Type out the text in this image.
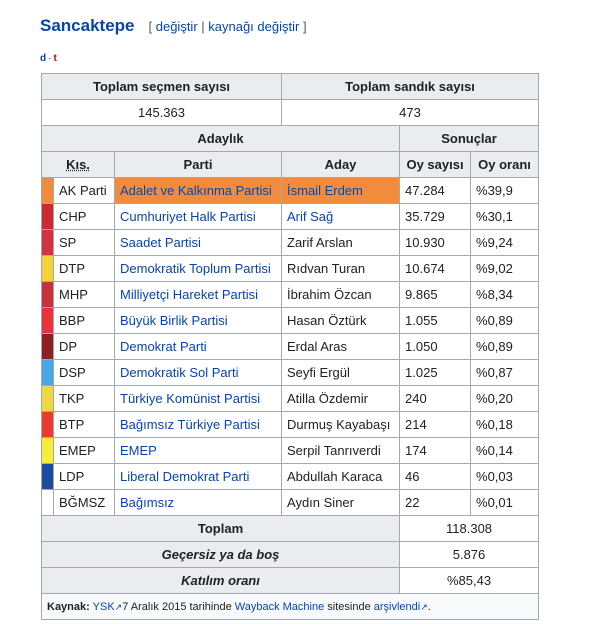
Sancaktepe [ değiştir | kaynağı değiştir ]
d · t
Toplam seçmen sayısı			Toplam sandık sayısı		
145.363			473		
Adaylık				Sonuçlar	
Kıs.		Parti	Aday	Oy sayısı	Oy oranı
	AK Parti	Adalet ve Kalkınma Partisi	İsmail Erdem	47.284	%39,9
	CHP	Cumhuriyet Halk Partisi	Arif Sağ	35.729	%30,1
	SP	Saadet Partisi	Zarif Arslan	10.930	%9,24
	DTP	Demokratik Toplum Partisi	Rıdvan Turan	10.674	%9,02
	MHP	Milliyetçi Hareket Partisi	İbrahim Özcan	9.865	%8,34
	BBP	Büyük Birlik Partisi	Hasan Öztürk	1.055	%0,89
	DP	Demokrat Parti	Erdal Aras	1.050	%0,89
	DSP	Demokratik Sol Parti	Seyfi Ergül	1.025	%0,87
	TKP	Türkiye Komünist Partisi	Atilla Özdemir	240	%0,20
	BTP	Bağımsız Türkiye Partisi	Durmuş Kayabaşı	214	%0,18
	EMEP	EMEP	Serpil Tanrıverdi	174	%0,14
	LDP	Liberal Demokrat Parti	Abdullah Karaca	46	%0,03
	BĞMSZ	Bağımsız	Aydın Siner	22	%0,01
Toplam				118.308	
Geçersiz ya da boş				5.876	
Katılım oranı				%85,43	
Kaynak: YSK↗7 Aralık 2015 tarihinde Wayback Machine sitesinde arşivlendi↗.					
